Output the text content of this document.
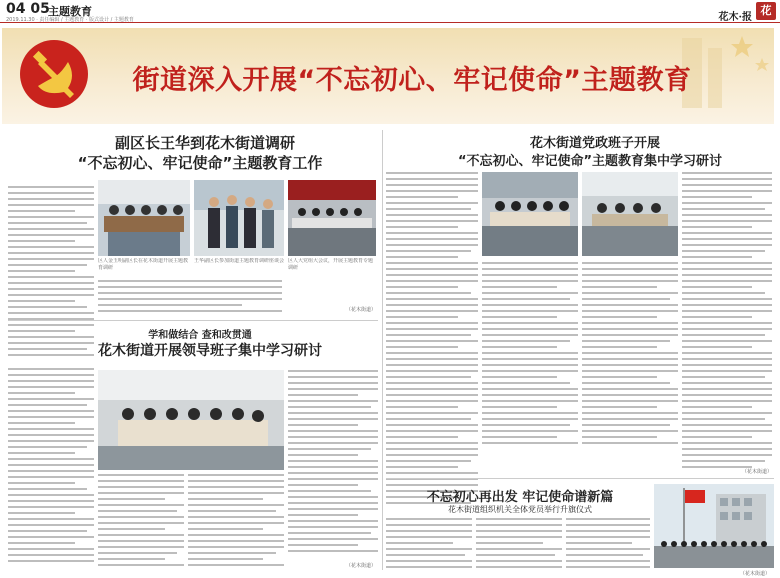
04 05
主题教育
2019.11.30 · 责任编辑 / 主题教育 · 版式设计 / 主题教育	花木·报
花
街道深入开展“不忘初心、牢记使命”主题教育
副区长王华到花木街道调研
“不忘初心、牢记使命”主题教育工作
花木街道党政班子开展
“不忘初心、牢记使命”主题教育集中学习研讨
区人金玉明副区长在花木街道开展主题教育调研
王华副区长参加街道主题教育调研座谈会 区人大党组大会议，开展主题教育专题调研
（花木街道）
学和做结合 查和改贯通
花木街道开展领导班子集中学习研讨
（花木街道）
（花木街道）
不忘初心再出发 牢记使命谱新篇
花木街道组织机关全体党员举行升旗仪式
（花木街道）
